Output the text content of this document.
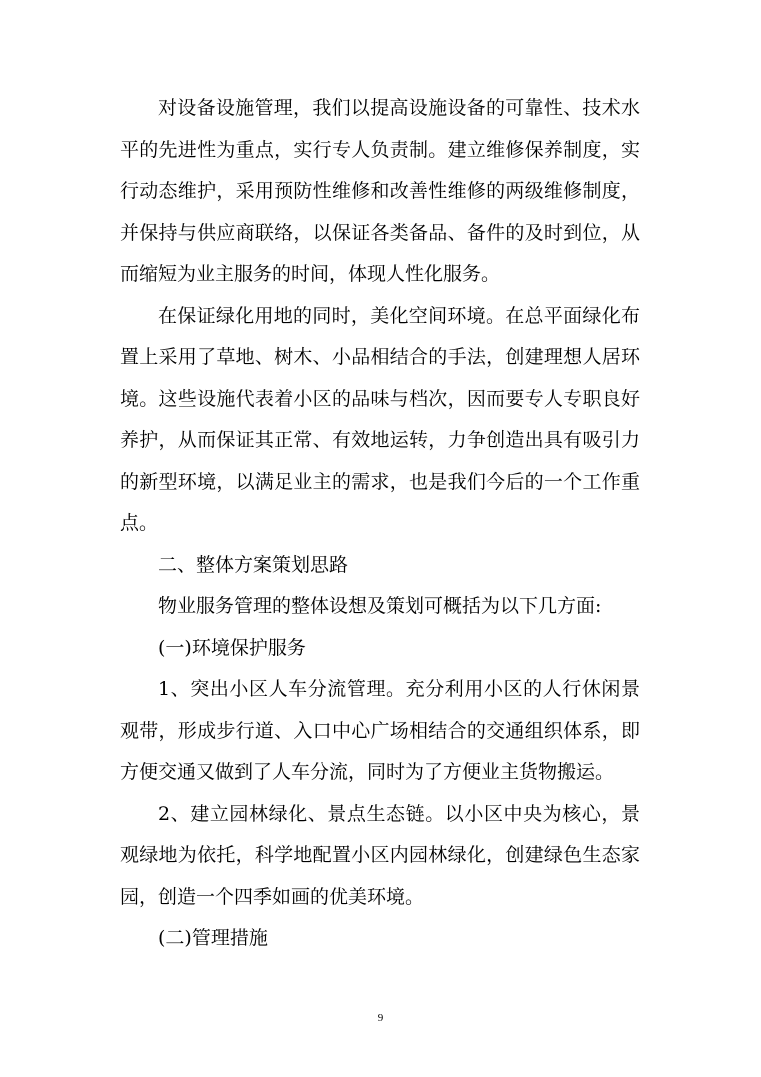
对设备设施管理，我们以提高设施设备的可靠性、技术水平的先进性为重点，实行专人负责制。建立维修保养制度，实行动态维护，采用预防性维修和改善性维修的两级维修制度，并保持与供应商联络，以保证各类备品、备件的及时到位，从而缩短为业主服务的时间，体现人性化服务。

在保证绿化用地的同时，美化空间环境。在总平面绿化布置上采用了草地、树木、小品相结合的手法，创建理想人居环境。这些设施代表着小区的品味与档次，因而要专人专职良好养护，从而保证其正常、有效地运转，力争创造出具有吸引力的新型环境，以满足业主的需求，也是我们今后的一个工作重点。

二、整体方案策划思路

物业服务管理的整体设想及策划可概括为以下几方面:

(一)环境保护服务

1、突出小区人车分流管理。充分利用小区的人行休闲景观带，形成步行道、入口中心广场相结合的交通组织体系，即方便交通又做到了人车分流，同时为了方便业主货物搬运。

2、建立园林绿化、景点生态链。以小区中央为核心，景观绿地为依托，科学地配置小区内园林绿化，创建绿色生态家园，创造一个四季如画的优美环境。

(二)管理措施

9
